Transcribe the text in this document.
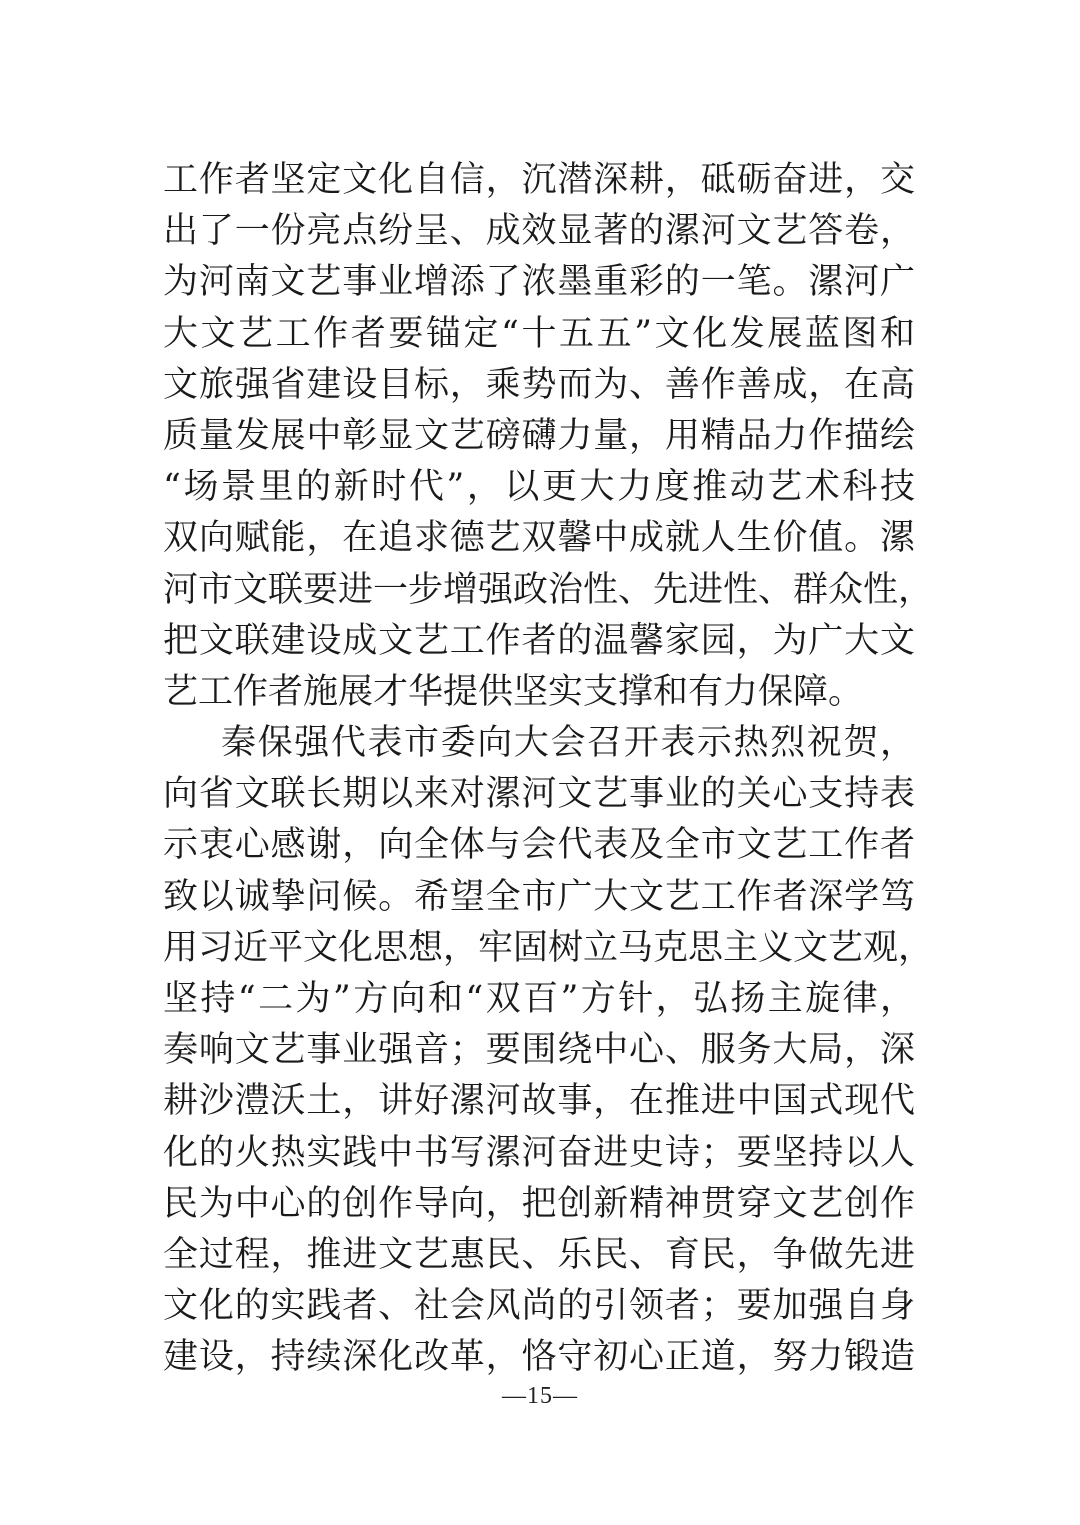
工作者坚定文化自信，沉潜深耕，砥砺奋进，交
出了一份亮点纷呈、成效显著的漯河文艺答卷，
为河南文艺事业增添了浓墨重彩的一笔。漯河广
大文艺工作者要锚定“十五五”文化发展蓝图和
文旅强省建设目标，乘势而为、善作善成，在高
质量发展中彰显文艺磅礴力量，用精品力作描绘
“场景里的新时代”，以更大力度推动艺术科技
双向赋能，在追求德艺双馨中成就人生价值。漯
河市文联要进一步增强政治性、先进性、群众性，
把文联建设成文艺工作者的温馨家园，为广大文
艺工作者施展才华提供坚实支撑和有力保障。
秦保强代表市委向大会召开表示热烈祝贺，
向省文联长期以来对漯河文艺事业的关心支持表
示衷心感谢，向全体与会代表及全市文艺工作者
致以诚挚问候。希望全市广大文艺工作者深学笃
用习近平文化思想，牢固树立马克思主义文艺观，
坚持“二为”方向和“双百”方针，弘扬主旋律，
奏响文艺事业强音；要围绕中心、服务大局，深
耕沙澧沃土，讲好漯河故事，在推进中国式现代
化的火热实践中书写漯河奋进史诗；要坚持以人
民为中心的创作导向，把创新精神贯穿文艺创作
全过程，推进文艺惠民、乐民、育民，争做先进
文化的实践者、社会风尚的引领者；要加强自身
建设，持续深化改革，恪守初心正道，努力锻造
—15—
